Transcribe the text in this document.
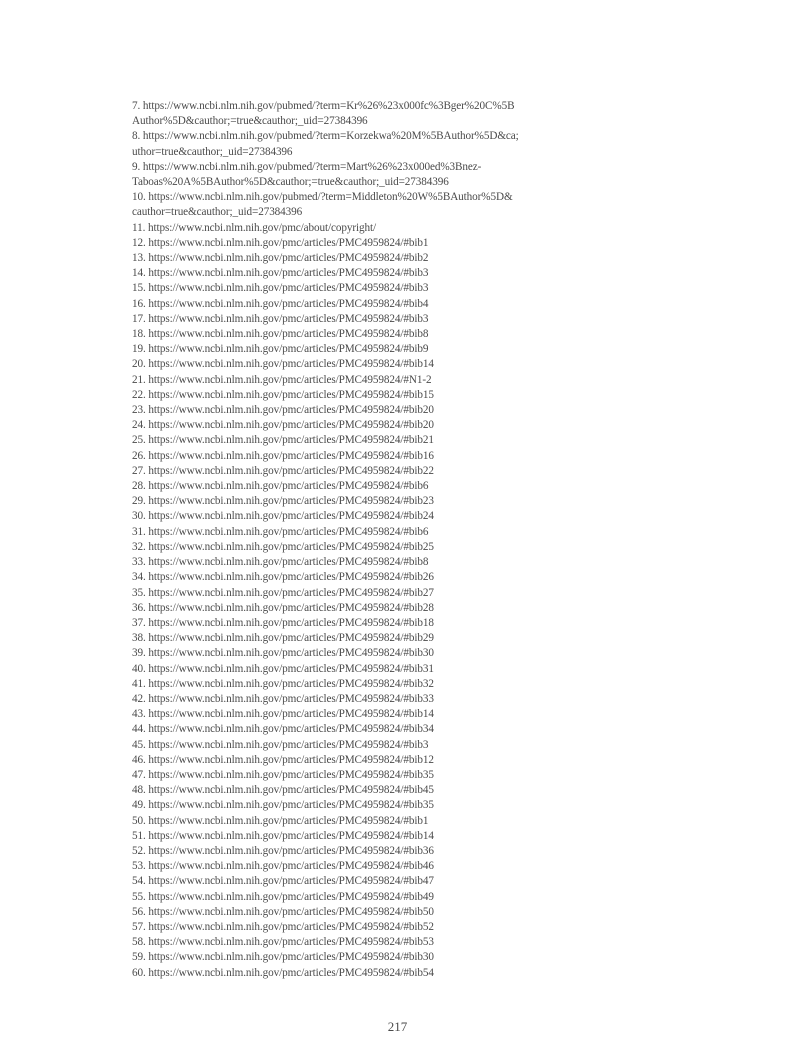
7. https://www.ncbi.nlm.nih.gov/pubmed/?term=Kr%26%23x000fc%3Bger%20C%5B
Author%5D&cauthor;=true&cauthor;_uid=27384396
8. https://www.ncbi.nlm.nih.gov/pubmed/?term=Korzekwa%20M%5BAuthor%5D&ca;
uthor=true&cauthor;_uid=27384396
9. https://www.ncbi.nlm.nih.gov/pubmed/?term=Mart%26%23x000ed%3Bnez-
Taboas%20A%5BAuthor%5D&cauthor;=true&cauthor;_uid=27384396
10. https://www.ncbi.nlm.nih.gov/pubmed/?term=Middleton%20W%5BAuthor%5D&
cauthor=true&cauthor;_uid=27384396
11. https://www.ncbi.nlm.nih.gov/pmc/about/copyright/
12. https://www.ncbi.nlm.nih.gov/pmc/articles/PMC4959824/#bib1
13. https://www.ncbi.nlm.nih.gov/pmc/articles/PMC4959824/#bib2
14. https://www.ncbi.nlm.nih.gov/pmc/articles/PMC4959824/#bib3
15. https://www.ncbi.nlm.nih.gov/pmc/articles/PMC4959824/#bib3
16. https://www.ncbi.nlm.nih.gov/pmc/articles/PMC4959824/#bib4
17. https://www.ncbi.nlm.nih.gov/pmc/articles/PMC4959824/#bib3
18. https://www.ncbi.nlm.nih.gov/pmc/articles/PMC4959824/#bib8
19. https://www.ncbi.nlm.nih.gov/pmc/articles/PMC4959824/#bib9
20. https://www.ncbi.nlm.nih.gov/pmc/articles/PMC4959824/#bib14
21. https://www.ncbi.nlm.nih.gov/pmc/articles/PMC4959824/#N1-2
22. https://www.ncbi.nlm.nih.gov/pmc/articles/PMC4959824/#bib15
23. https://www.ncbi.nlm.nih.gov/pmc/articles/PMC4959824/#bib20
24. https://www.ncbi.nlm.nih.gov/pmc/articles/PMC4959824/#bib20
25. https://www.ncbi.nlm.nih.gov/pmc/articles/PMC4959824/#bib21
26. https://www.ncbi.nlm.nih.gov/pmc/articles/PMC4959824/#bib16
27. https://www.ncbi.nlm.nih.gov/pmc/articles/PMC4959824/#bib22
28. https://www.ncbi.nlm.nih.gov/pmc/articles/PMC4959824/#bib6
29. https://www.ncbi.nlm.nih.gov/pmc/articles/PMC4959824/#bib23
30. https://www.ncbi.nlm.nih.gov/pmc/articles/PMC4959824/#bib24
31. https://www.ncbi.nlm.nih.gov/pmc/articles/PMC4959824/#bib6
32. https://www.ncbi.nlm.nih.gov/pmc/articles/PMC4959824/#bib25
33. https://www.ncbi.nlm.nih.gov/pmc/articles/PMC4959824/#bib8
34. https://www.ncbi.nlm.nih.gov/pmc/articles/PMC4959824/#bib26
35. https://www.ncbi.nlm.nih.gov/pmc/articles/PMC4959824/#bib27
36. https://www.ncbi.nlm.nih.gov/pmc/articles/PMC4959824/#bib28
37. https://www.ncbi.nlm.nih.gov/pmc/articles/PMC4959824/#bib18
38. https://www.ncbi.nlm.nih.gov/pmc/articles/PMC4959824/#bib29
39. https://www.ncbi.nlm.nih.gov/pmc/articles/PMC4959824/#bib30
40. https://www.ncbi.nlm.nih.gov/pmc/articles/PMC4959824/#bib31
41. https://www.ncbi.nlm.nih.gov/pmc/articles/PMC4959824/#bib32
42. https://www.ncbi.nlm.nih.gov/pmc/articles/PMC4959824/#bib33
43. https://www.ncbi.nlm.nih.gov/pmc/articles/PMC4959824/#bib14
44. https://www.ncbi.nlm.nih.gov/pmc/articles/PMC4959824/#bib34
45. https://www.ncbi.nlm.nih.gov/pmc/articles/PMC4959824/#bib3
46. https://www.ncbi.nlm.nih.gov/pmc/articles/PMC4959824/#bib12
47. https://www.ncbi.nlm.nih.gov/pmc/articles/PMC4959824/#bib35
48. https://www.ncbi.nlm.nih.gov/pmc/articles/PMC4959824/#bib45
49. https://www.ncbi.nlm.nih.gov/pmc/articles/PMC4959824/#bib35
50. https://www.ncbi.nlm.nih.gov/pmc/articles/PMC4959824/#bib1
51. https://www.ncbi.nlm.nih.gov/pmc/articles/PMC4959824/#bib14
52. https://www.ncbi.nlm.nih.gov/pmc/articles/PMC4959824/#bib36
53. https://www.ncbi.nlm.nih.gov/pmc/articles/PMC4959824/#bib46
54. https://www.ncbi.nlm.nih.gov/pmc/articles/PMC4959824/#bib47
55. https://www.ncbi.nlm.nih.gov/pmc/articles/PMC4959824/#bib49
56. https://www.ncbi.nlm.nih.gov/pmc/articles/PMC4959824/#bib50
57. https://www.ncbi.nlm.nih.gov/pmc/articles/PMC4959824/#bib52
58. https://www.ncbi.nlm.nih.gov/pmc/articles/PMC4959824/#bib53
59. https://www.ncbi.nlm.nih.gov/pmc/articles/PMC4959824/#bib30
60. https://www.ncbi.nlm.nih.gov/pmc/articles/PMC4959824/#bib54
217
